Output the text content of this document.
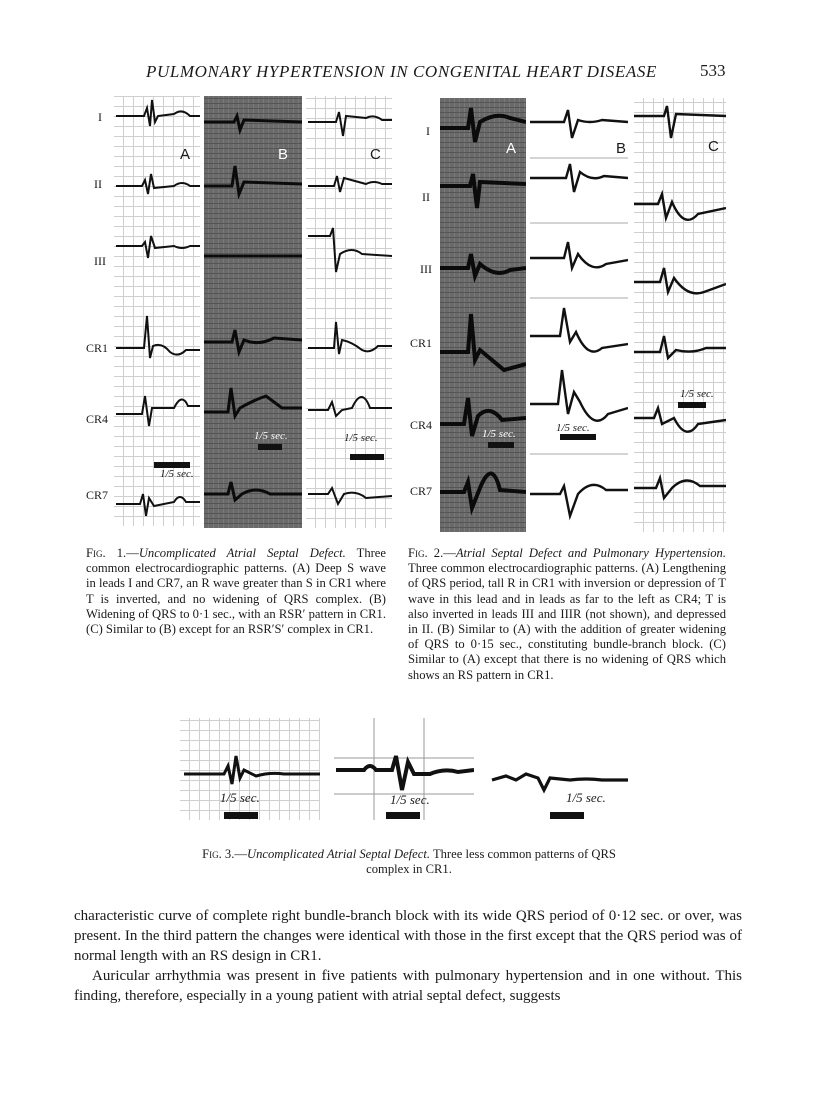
PULMONARY HYPERTENSION IN CONGENITAL HEART DISEASE	533
I
II
III
CR1
CR4
CR7
A
1/5 sec.
B
1/5 sec.
C
1/5 sec.
I
II
III
CR1
CR4
CR7
A
1/5 sec.
B
1/5 sec.
C
1/5 sec.
Fig. 1.—Uncomplicated Atrial Septal Defect. Three common electrocardiographic patterns. (A) Deep S wave in leads I and CR7, an R wave greater than S in CR1 where T is inverted, and no widening of QRS complex. (B) Widening of QRS to 0·1 sec., with an RSR′ pattern in CR1. (C) Similar to (B) except for an RSR′S′ complex in CR1.
Fig. 2.—Atrial Septal Defect and Pulmonary Hypertension. Three common electrocardiographic patterns. (A) Lengthening of QRS period, tall R in CR1 with inversion or depression of T wave in this lead and in leads as far to the left as CR4; T is also inverted in leads III and IIIR (not shown), and depressed in II. (B) Similar to (A) with the addition of greater widening of QRS to 0·15 sec., constituting bundle-branch block. (C) Similar to (A) except that there is no widening of QRS which shows an RS pattern in CR1.
1/5 sec.	1/5 sec.	1/5 sec.
Fig. 3.—Uncomplicated Atrial Septal Defect. Three less common patterns of QRS complex in CR1.

characteristic curve of complete right bundle-branch block with its wide QRS period of 0·12 sec. or over, was present. In the third pattern the changes were identical with those in the first except that the QRS period was of normal length with an RS design in CR1.

Auricular arrhythmia was present in five patients with pulmonary hypertension and in one without. This finding, therefore, especially in a young patient with atrial septal defect, suggests
